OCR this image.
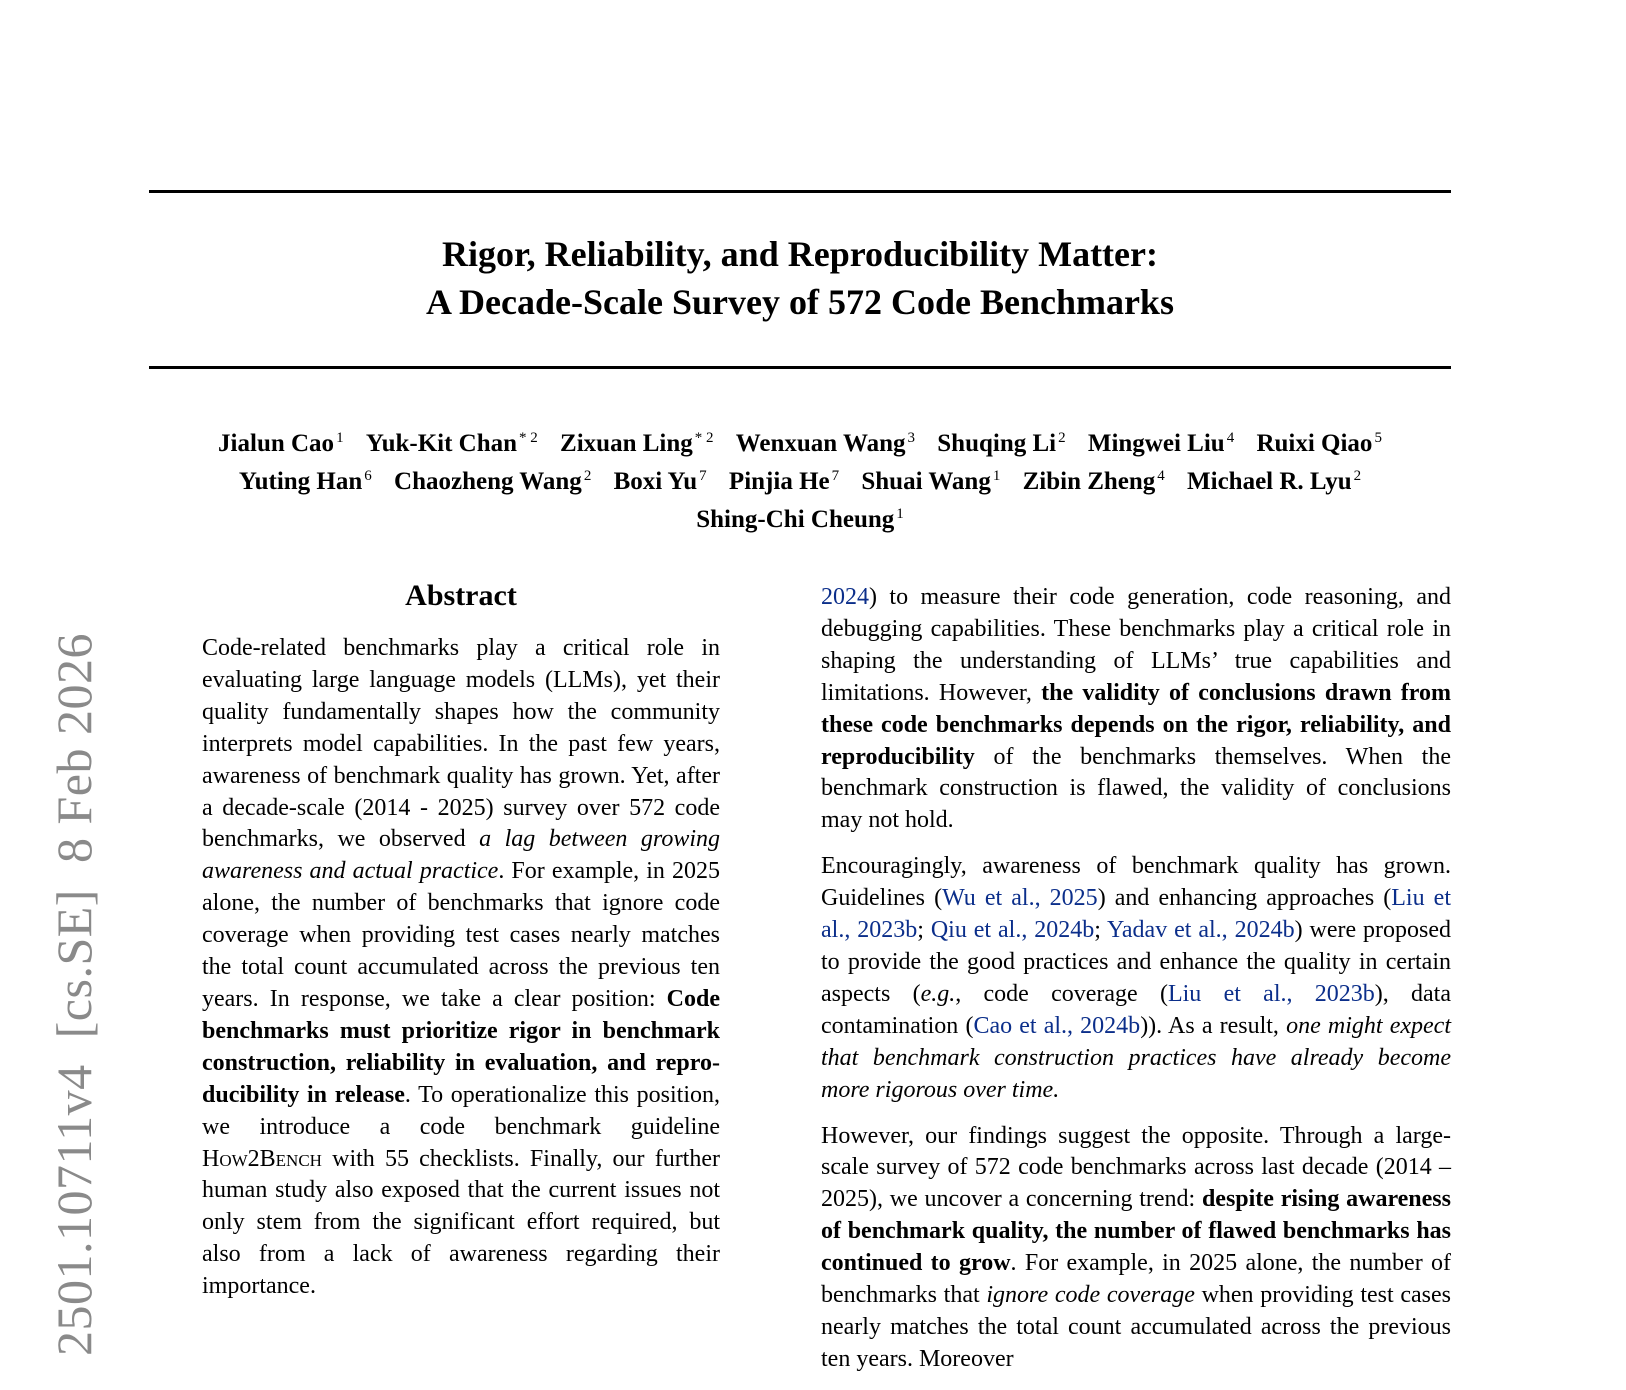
Rigor, Reliability, and Reproducibility Matter:
A Decade-Scale Survey of 572 Code Benchmarks
Jialun Cao $^1$ Yuk-Kit Chan $^{* 2}$ Zixuan Ling $^{* 2}$ Wenxuan Wang $^3$ Shuqing Li $^2$ Mingwei Liu $^4$ Ruixi Qiao $^5$
Yuting Han $^6$ Chaozheng Wang $^2$ Boxi Yu $^7$ Pinjia He $^7$ Shuai Wang $^1$ Zibin Zheng $^4$ Michael R. Lyu $^2$
Shing-Chi Cheung $^1$
2501.10711v4[cs.SE]8 Feb 2026
Abstract
Code-related benchmarks play a critical role in evaluating large language models (LLMs), yet their quality fundamentally shapes how the community interprets model capabilities. In the past few years, awareness of benchmark quality has grown. Yet, after a decade-scale (2014 - 2025) survey over 572 code benchmarks, we observed a lag between growing awareness and actual practice. For example, in 2025 alone, the number of benchmarks that ignore code coverage when providing test cases nearly matches the total count accumulated across the previous ten years. In response, we take a clear position: Code benchmarks must prioritize rigor in benchmark construction, reliability in evaluation, and reproducibility in release. To operationalize this position, we introduce a code benchmark guideline How2Bench with 55 checklists. Finally, our further human study also exposed that the current issues not only stem from the significant effort required, but also from a lack of awareness regarding their importance.

2024) to measure their code generation, code reasoning, and debugging capabilities. These benchmarks play a critical role in shaping the understanding of LLMs’ true capabilities and limitations. However, the validity of conclusions drawn from these code benchmarks depends on the rigor, reliability, and reproducibility of the benchmarks themselves. When the benchmark construction is flawed, the validity of conclusions may not hold.

Encouragingly, awareness of benchmark quality has grown. Guidelines (Wu et al., 2025) and enhancing approaches (Liu et al., 2023b; Qiu et al., 2024b; Yadav et al., 2024b) were proposed to provide the good practices and enhance the quality in certain aspects (e.g., code coverage (Liu et al., 2023b), data contamination (Cao et al., 2024b)). As a result, one might expect that benchmark construction practices have already become more rigorous over time.

However, our findings suggest the opposite. Through a large-scale survey of 572 code benchmarks across last decade (2014 – 2025), we uncover a concerning trend: despite rising awareness of benchmark quality, the number of flawed benchmarks has continued to grow. For example, in 2025 alone, the number of benchmarks that ignore code coverage when providing test cases nearly matches the total count accumulated across the previous ten years. Moreover
